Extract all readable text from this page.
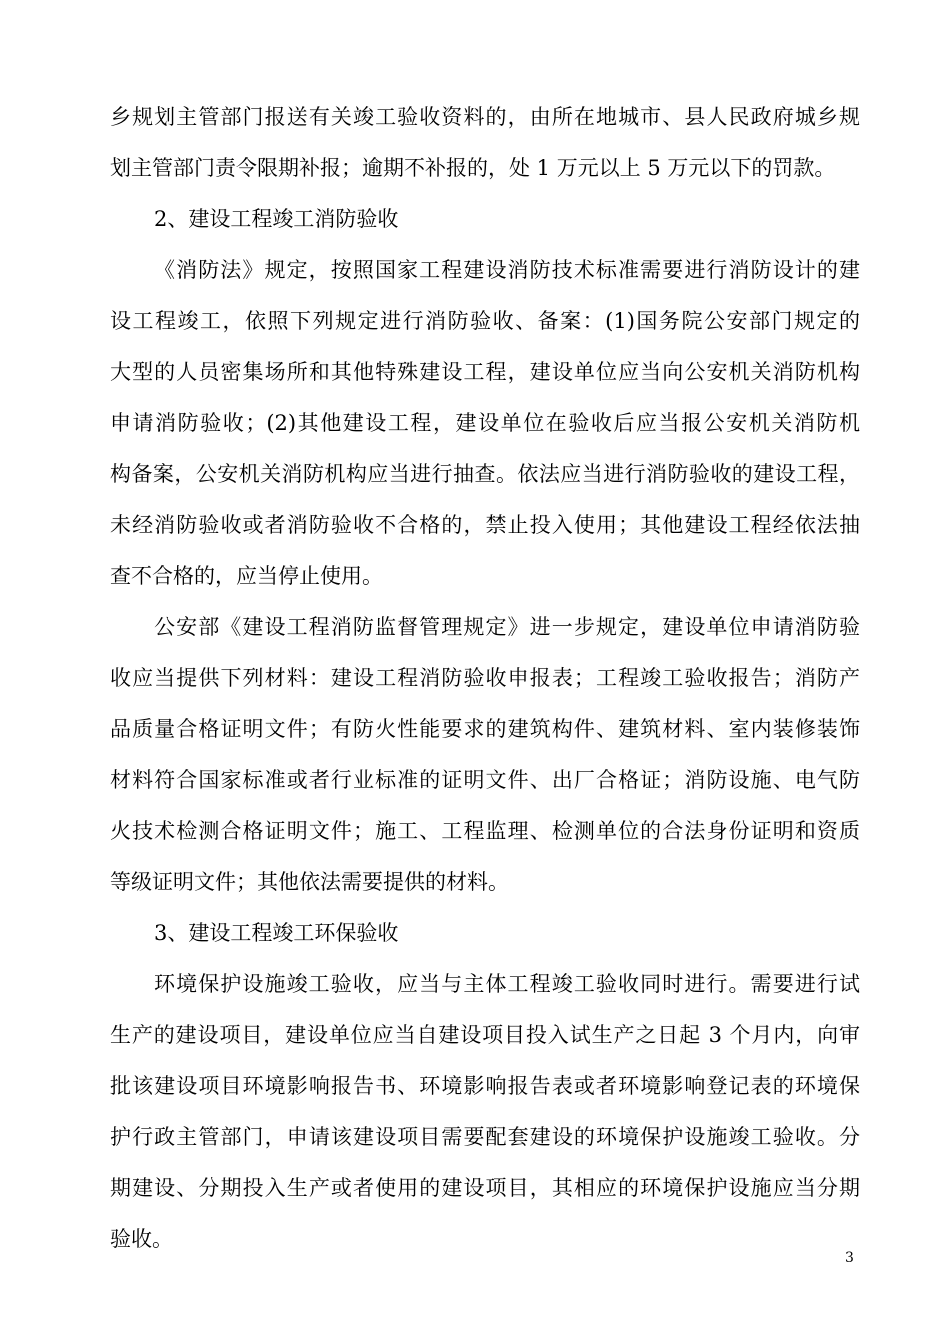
乡规划主管部门报送有关竣工验收资料的，由所在地城市、县人民政府城乡规
划主管部门责令限期补报；逾期不补报的，处 1 万元以上 5 万元以下的罚款。
2、建设工程竣工消防验收
《消防法》规定，按照国家工程建设消防技术标准需要进行消防设计的建
设工程竣工，依照下列规定进行消防验收、备案：(1)国务院公安部门规定的
大型的人员密集场所和其他特殊建设工程，建设单位应当向公安机关消防机构
申请消防验收；(2)其他建设工程，建设单位在验收后应当报公安机关消防机
构备案，公安机关消防机构应当进行抽查。依法应当进行消防验收的建设工程，
未经消防验收或者消防验收不合格的，禁止投入使用；其他建设工程经依法抽
查不合格的，应当停止使用。
公安部《建设工程消防监督管理规定》进一步规定，建设单位申请消防验
收应当提供下列材料：建设工程消防验收申报表；工程竣工验收报告；消防产
品质量合格证明文件；有防火性能要求的建筑构件、建筑材料、室内装修装饰
材料符合国家标准或者行业标准的证明文件、出厂合格证；消防设施、电气防
火技术检测合格证明文件；施工、工程监理、检测单位的合法身份证明和资质
等级证明文件；其他依法需要提供的材料。
3、建设工程竣工环保验收
环境保护设施竣工验收，应当与主体工程竣工验收同时进行。需要进行试
生产的建设项目，建设单位应当自建设项目投入试生产之日起 3 个月内，向审
批该建设项目环境影响报告书、环境影响报告表或者环境影响登记表的环境保
护行政主管部门，申请该建设项目需要配套建设的环境保护设施竣工验收。分
期建设、分期投入生产或者使用的建设项目，其相应的环境保护设施应当分期
验收。
3
